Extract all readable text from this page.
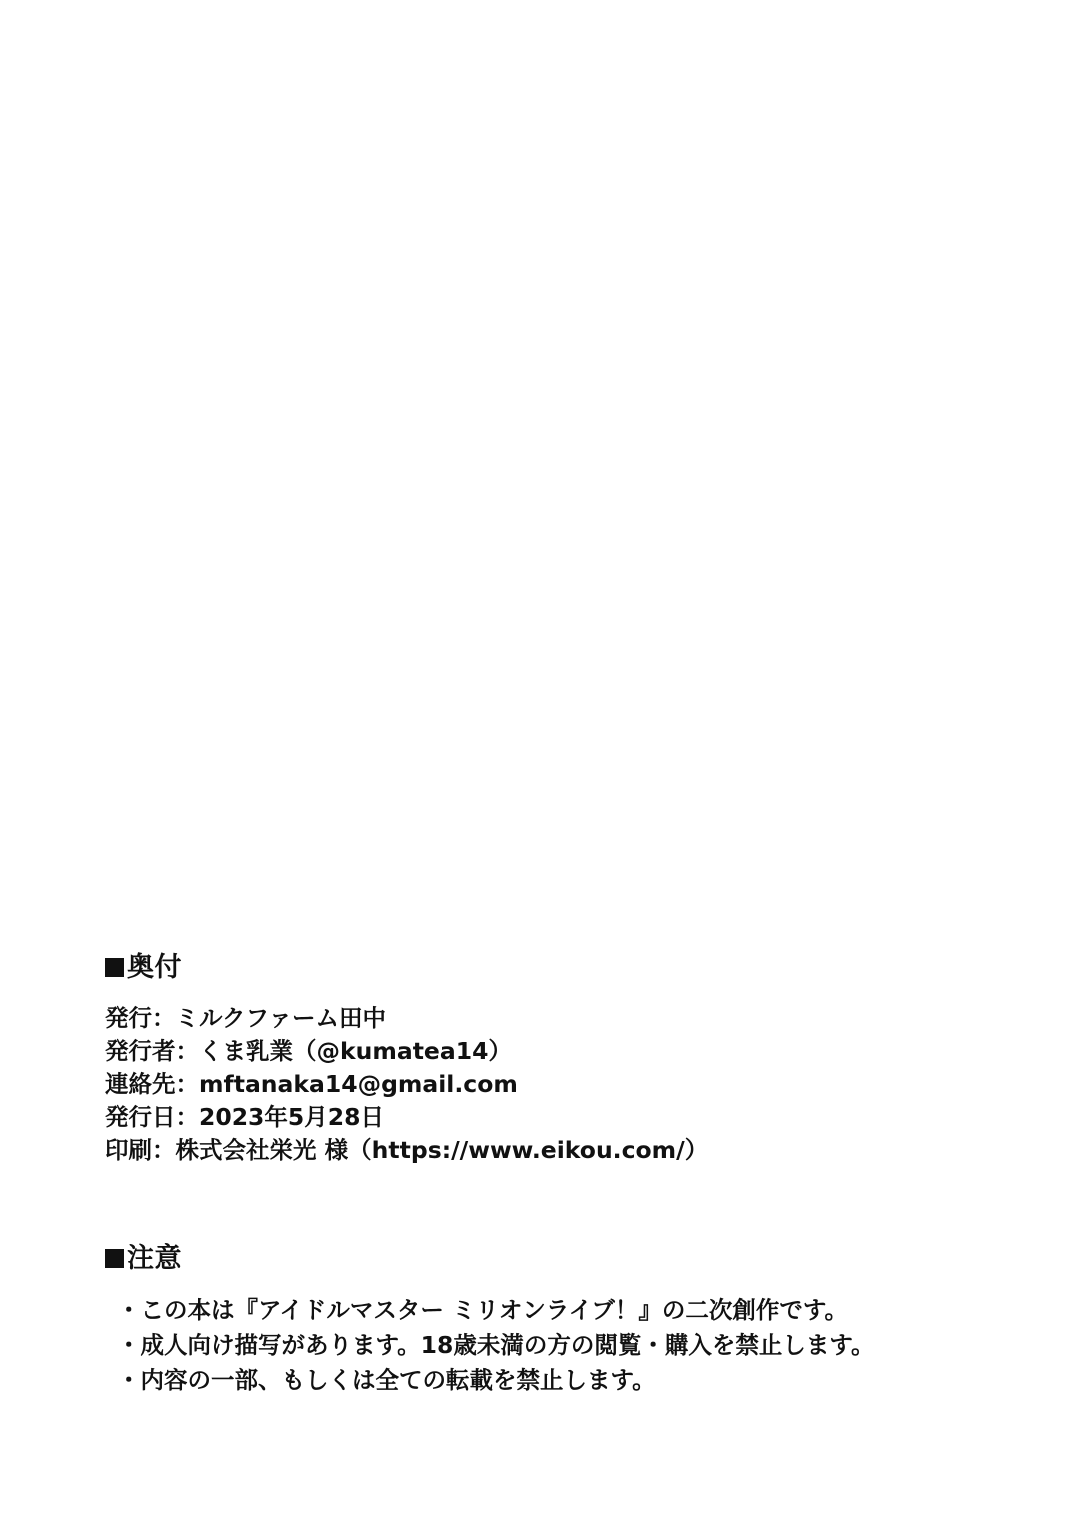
奥付
発行：ミルクファーム田中
発行者：くま乳業（@kumatea14）
連絡先：mftanaka14@gmail.com
発行日：2023年5月28日
印刷：株式会社栄光 様（https://www.eikou.com/）
注意
・この本は『アイドルマスター ミリオンライブ！』の二次創作です。
・成人向け描写があります。18歳未満の方の閲覧・購入を禁止します。
・内容の一部、もしくは全ての転載を禁止します。
